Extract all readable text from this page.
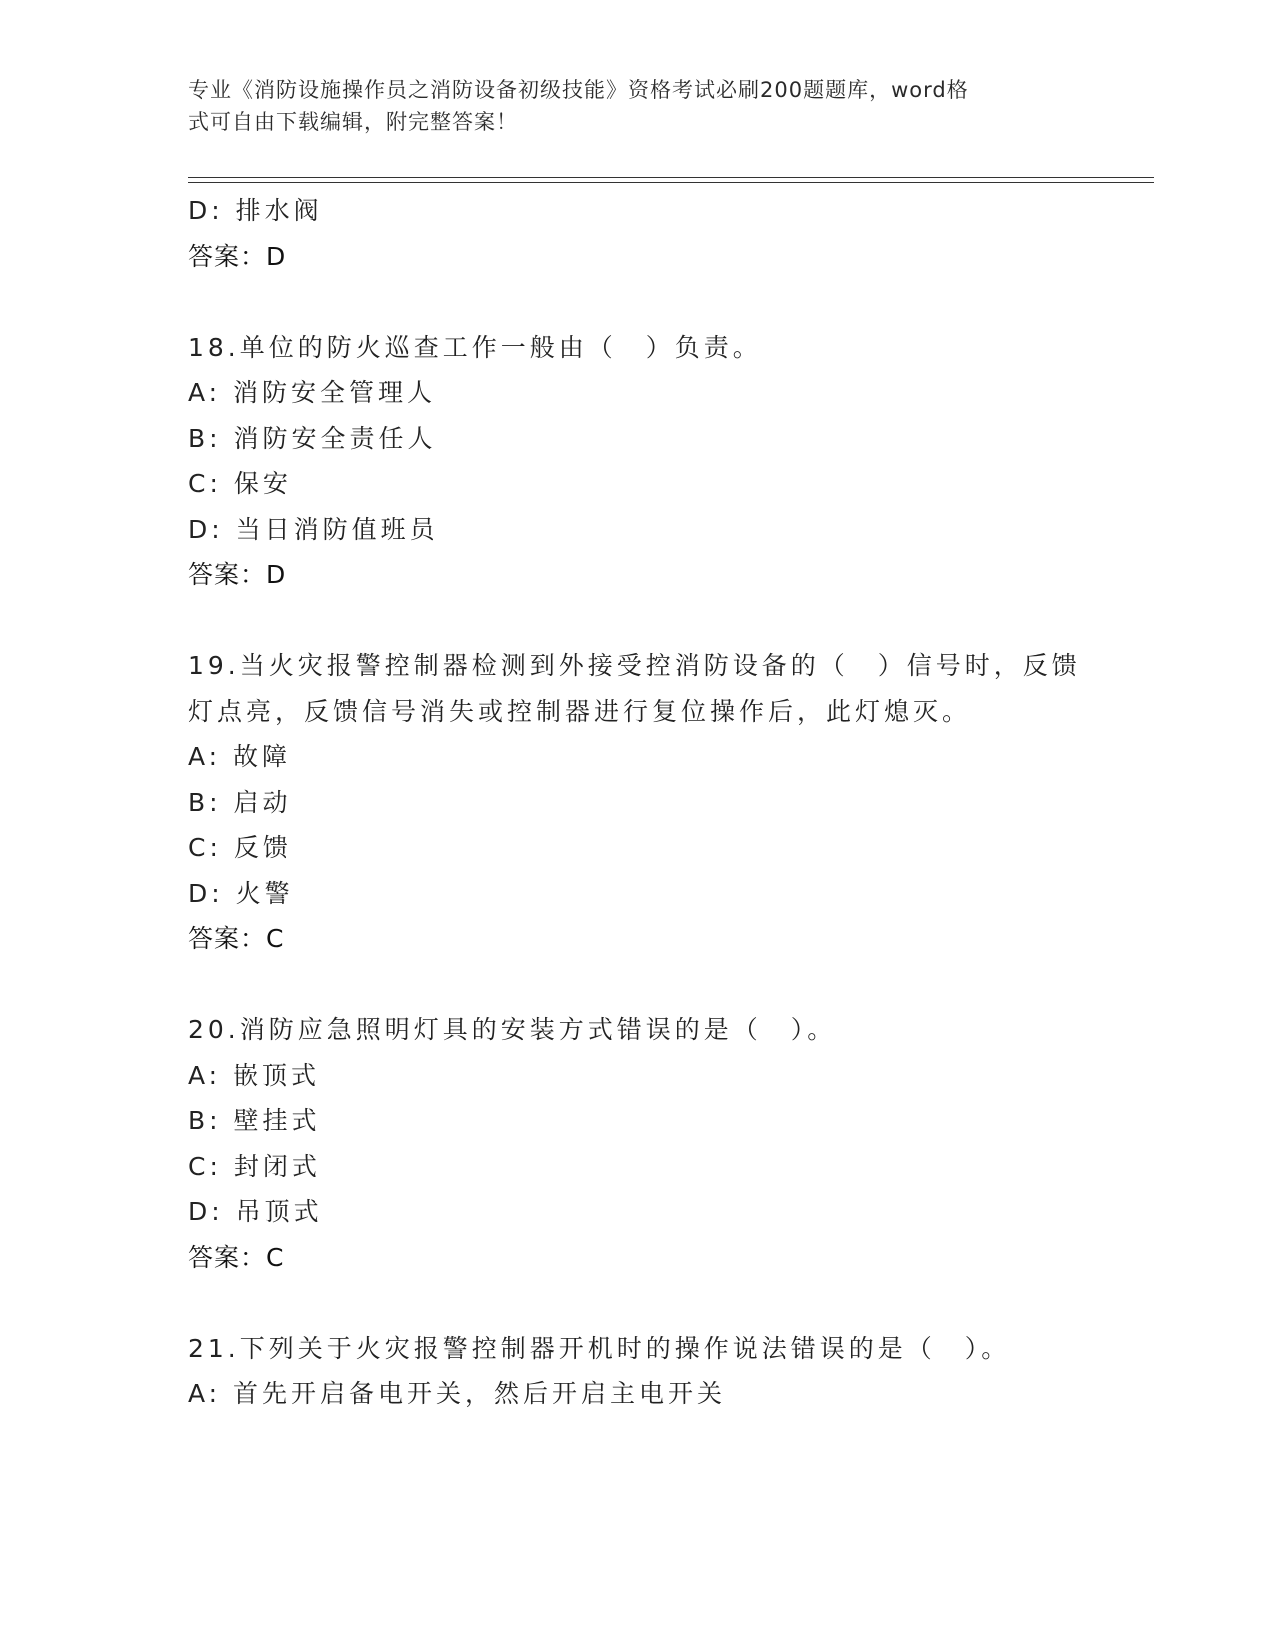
专业《消防设施操作员之消防设备初级技能》资格考试必刷200题题库，word格
式可自由下载编辑，附完整答案！
D: 排水阀
答案：D
18.单位的防火巡查工作一般由（　）负责。
A: 消防安全管理人
B: 消防安全责任人
C: 保安
D: 当日消防值班员
答案：D
19.当火灾报警控制器检测到外接受控消防设备的（　）信号时，反馈
灯点亮，反馈信号消失或控制器进行复位操作后，此灯熄灭。
A: 故障
B: 启动
C: 反馈
D: 火警
答案：C
20.消防应急照明灯具的安装方式错误的是（　）。
A: 嵌顶式
B: 壁挂式
C: 封闭式
D: 吊顶式
答案：C
21.下列关于火灾报警控制器开机时的操作说法错误的是（　）。
A: 首先开启备电开关，然后开启主电开关
